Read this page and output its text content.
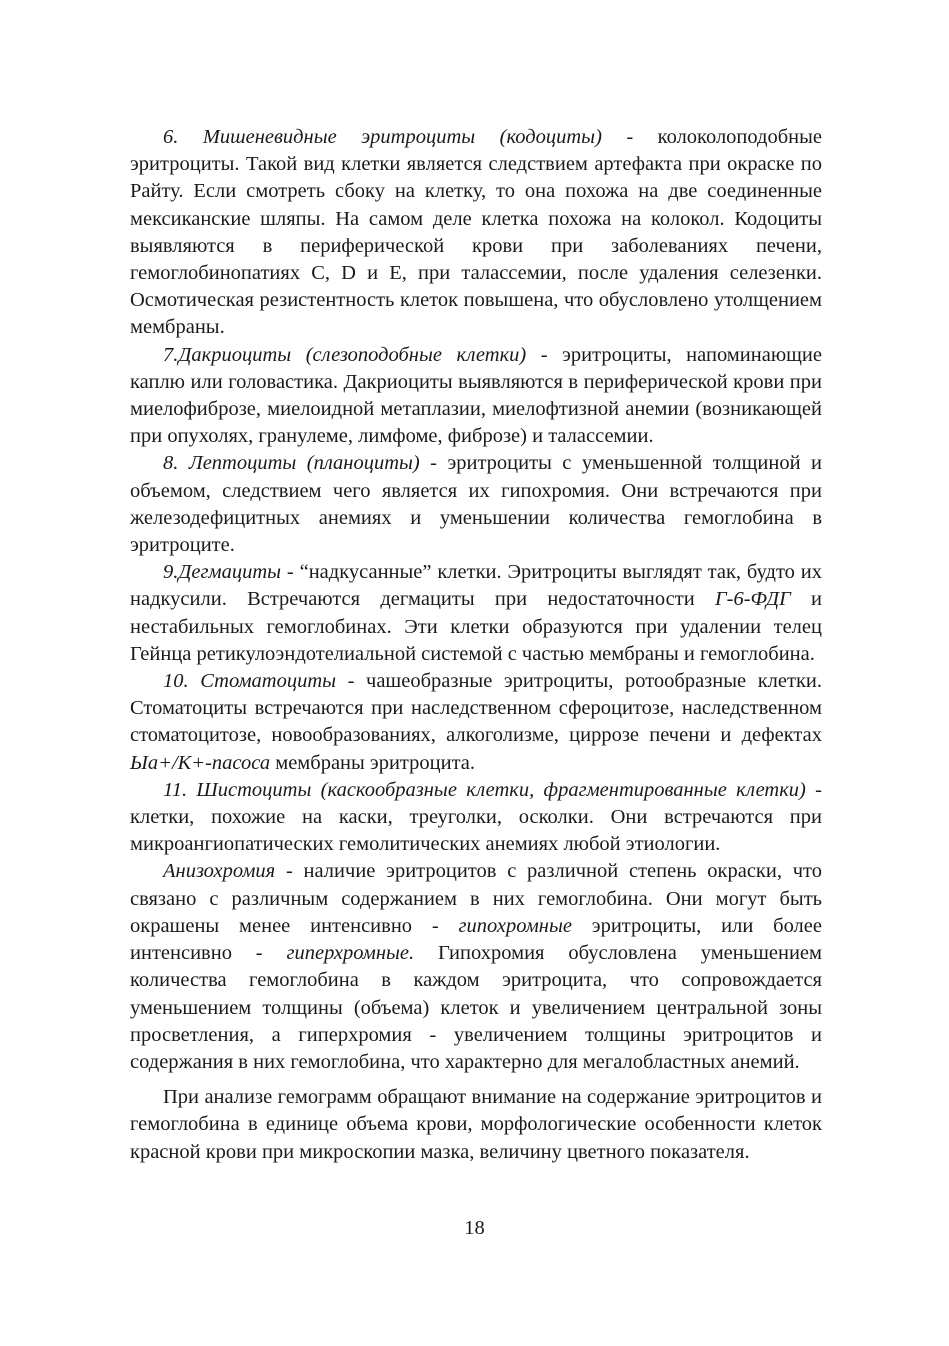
6. Мишеневидные эритроциты (кодоциты) - колоколоподобные эритроциты. Такой вид клетки является следствием артефакта при окраске по Райту. Если смотреть сбоку на клетку, то она похожа на две соединенные мексиканские шляпы. На самом деле клетка похожа на колокол. Кодоциты выявляются в периферической крови при заболеваниях печени, гемоглобинопатиях С, D и E, при талассемии, после удаления селезенки. Осмотическая резистентность клеток повышена, что обусловлено утолщением мембраны.

7.Дакриоциты (слезоподобные клетки) - эритроциты, напоминающие каплю или головастика. Дакриоциты выявляются в периферической крови при миелофиброзе, миелоидной метаплазии, миелофтизной анемии (возникающей при опухолях, гранулеме, лимфоме, фиброзе) и талассемии.

8. Лептоциты (планоциты) - эритроциты с уменьшенной толщиной и объемом, следствием чего является их гипохромия. Они встречаются при железодефицитных анемиях и уменьшении количества гемоглобина в эритроците.

9.Дегмациты - “надкусанные” клетки. Эритроциты выглядят так, будто их надкусили. Встречаются дегмациты при недостаточности Г-6-ФДГ и нестабильных гемоглобинах. Эти клетки образуются при удалении телец Гейнца ретикулоэндотелиальной системой с частью мембраны и гемоглобина.

10. Стоматоциты - чашеобразные эритроциты, ротообразные клетки. Стоматоциты встречаются при наследственном сфероцитозе, наследственном стоматоцитозе, новообразованиях, алкоголизме, циррозе печени и дефектах Ыа+/К+-пасоса мембраны эритроцита.

11. Шистоциты (каскообразные клетки, фрагментированные клетки) - клетки, похожие на каски, треуголки, осколки. Они встречаются при микроангиопатических гемолитических анемиях любой этиологии.

Анизохромия - наличие эритроцитов с различной степень окраски, что связано с различным содержанием в них гемоглобина. Они могут быть окрашены менее интенсивно - гипохромные эритроциты, или более интенсивно - гиперхромные. Гипохромия обусловлена уменьшением количества гемоглобина в каждом эритроцита, что сопровождается уменьшением толщины (объема) клеток и увеличением центральной зоны просветления, а гиперхромия - увеличением толщины эритроцитов и содержания в них гемоглобина, что характерно для мегалобластных анемий.

При анализе гемограмм обращают внимание на содержание эритроцитов и гемоглобина в единице объема крови, морфологические особенности клеток красной крови при микроскопии мазка, величину цветного показателя.

18
